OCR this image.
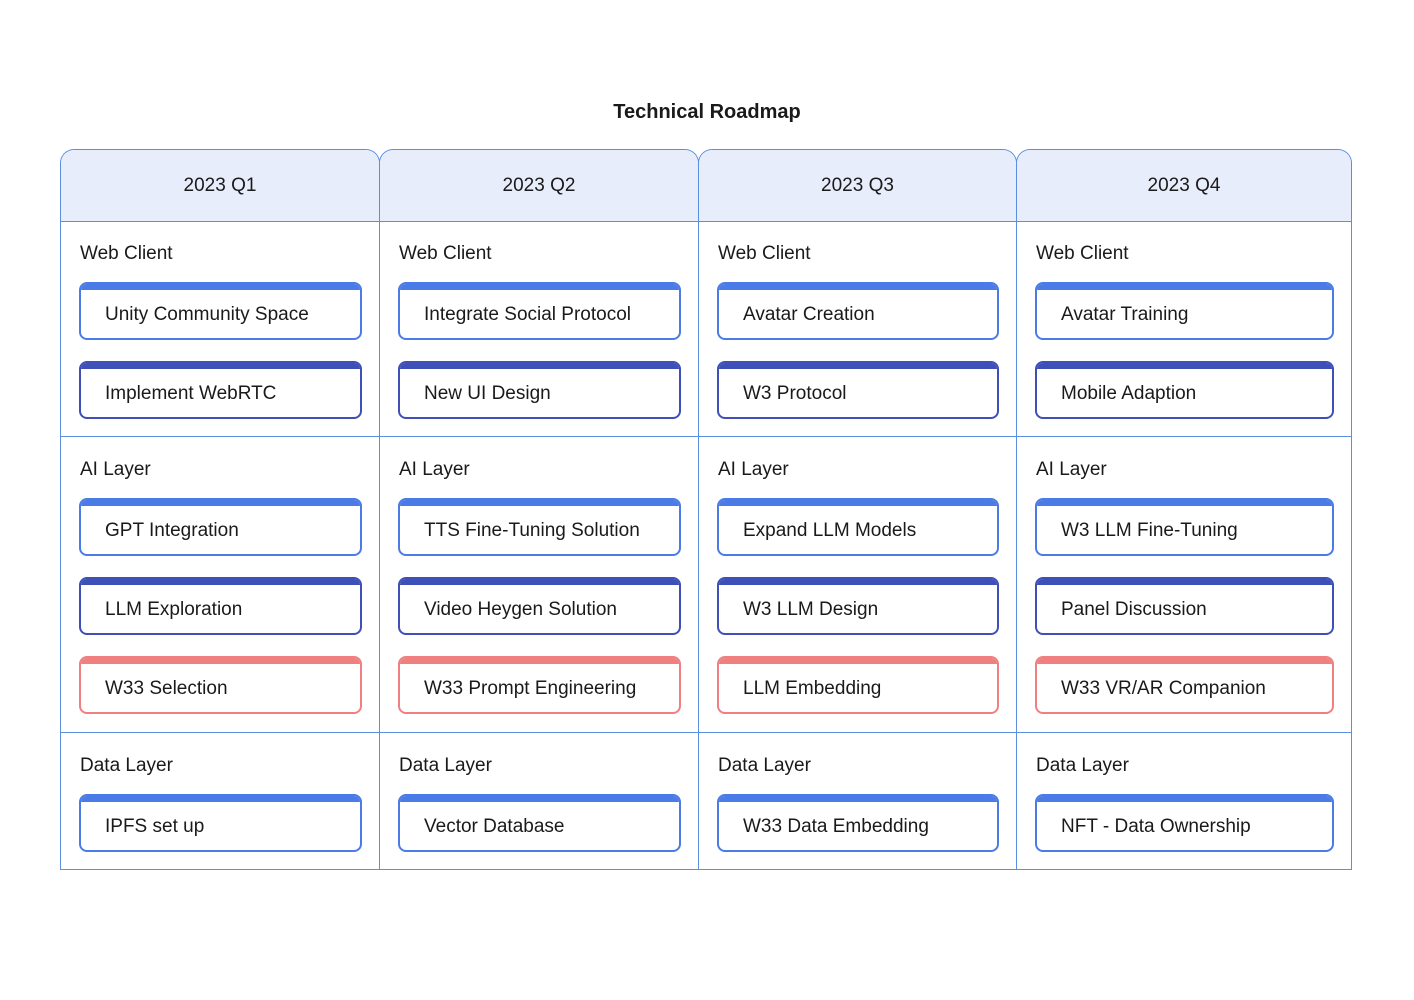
Technical Roadmap
2023 Q1
Web Client
Unity Community Space
Implement WebRTC
AI Layer
GPT Integration
LLM Exploration
W33 Selection
Data Layer
IPFS set up
2023 Q2
Web Client
Integrate Social Protocol
New UI Design
AI Layer
TTS Fine-Tuning Solution
Video Heygen Solution
W33 Prompt Engineering
Data Layer
Vector Database
2023 Q3
Web Client
Avatar Creation
W3 Protocol
AI Layer
Expand LLM Models
W3 LLM Design
LLM Embedding
Data Layer
W33 Data Embedding
2023 Q4
Web Client
Avatar Training
Mobile Adaption
AI Layer
W3 LLM Fine-Tuning
Panel Discussion
W33 VR/AR Companion
Data Layer
NFT - Data Ownership
